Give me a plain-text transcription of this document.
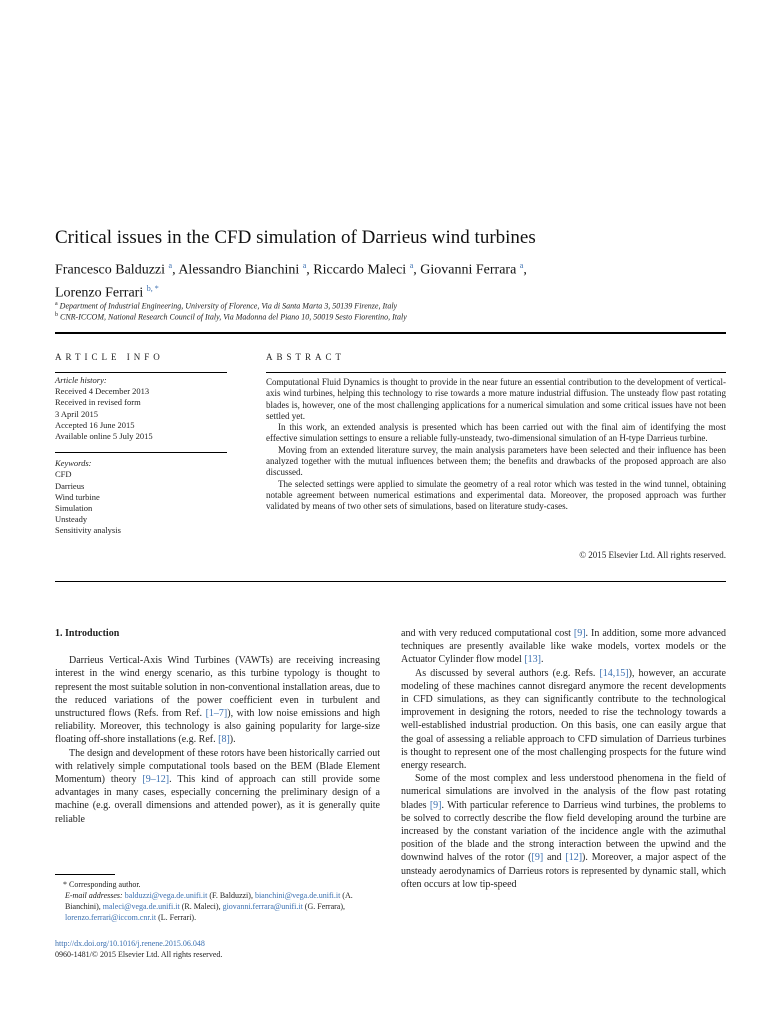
Critical issues in the CFD simulation of Darrieus wind turbines
Francesco Balduzzi $^a$, Alessandro Bianchini $^a$, Riccardo Maleci $^a$, Giovanni Ferrara $^a$,
Lorenzo Ferrari $^{b, *}$
$^a$ Department of Industrial Engineering, University of Florence, Via di Santa Marta 3, 50139 Firenze, Italy
$^b$ CNR-ICCOM, National Research Council of Italy, Via Madonna del Piano 10, 50019 Sesto Fiorentino, Italy
ARTICLE INFO	ABSTRACT
Article history:
Received 4 December 2013
Received in revised form
3 April 2015
Accepted 16 June 2015
Available online 5 July 2015
Keywords:
CFD
Darrieus
Wind turbine
Simulation
Unsteady
Sensitivity analysis

Computational Fluid Dynamics is thought to provide in the near future an essential contribution to the development of vertical-axis wind turbines, helping this technology to rise towards a more mature industrial diffusion. The unsteady flow past rotating blades is, however, one of the most challenging applications for a numerical simulation and some critical issues have not been settled yet.

In this work, an extended analysis is presented which has been carried out with the final aim of identifying the most effective simulation settings to ensure a reliable fully-unsteady, two-dimensional simulation of an H-type Darrieus turbine.

Moving from an extended literature survey, the main analysis parameters have been selected and their influence has been analyzed together with the mutual influences between them; the benefits and drawbacks of the proposed approach are also discussed.

The selected settings were applied to simulate the geometry of a real rotor which was tested in the wind tunnel, obtaining notable agreement between numerical estimations and experimental data. Moreover, the proposed approach was further validated by means of two other sets of simulations, based on literature study-cases.

© 2015 Elsevier Ltd. All rights reserved.

1. Introduction

Darrieus Vertical-Axis Wind Turbines (VAWTs) are receiving increasing interest in the wind energy scenario, as this turbine typology is thought to represent the most suitable solution in non-conventional installation areas, due to the reduced variations of the power coefficient even in turbulent and unstructured flows (Refs. from Ref. [1–7]), with low noise emissions and high reliability. Moreover, this technology is also gaining popularity for large-size floating off-shore installations (e.g. Ref. [8]).

The design and development of these rotors have been historically carried out with relatively simple computational tools based on the BEM (Blade Element Momentum) theory [9–12]. This kind of approach can still provide some advantages in many cases, especially concerning the preliminary design of a machine (e.g. overall dimensions and attended power), as it is generally quite reliable

and with very reduced computational cost [9]. In addition, some more advanced techniques are presently available like wake models, vortex models or the Actuator Cylinder flow model [13].

As discussed by several authors (e.g. Refs. [14,15]), however, an accurate modeling of these machines cannot disregard anymore the recent developments in CFD simulations, as they can significantly contribute to the technological improvement in designing the rotors, needed to rise the technology towards a well-established industrial production. On this basis, one can easily argue that the goal of assessing a reliable approach to CFD simulation of Darrieus turbines is thought to represent one of the most challenging prospects for the future wind energy research.

Some of the most complex and less understood phenomena in the field of numerical simulations are involved in the analysis of the flow past rotating blades [9]. With particular reference to Darrieus wind turbines, the problems to be solved to correctly describe the flow field developing around the turbine are increased by the constant variation of the incidence angle with the azimuthal position of the blade and the strong interaction between the upwind and the downwind halves of the rotor ([9] and [12]). Moreover, a major aspect of the unsteady aerodynamics of Darrieus rotors is represented by dynamic stall, which often occurs at low tip-speed

* Corresponding author.
E-mail addresses: balduzzi@vega.de.unifi.it (F. Balduzzi), bianchini@vega.de.unifi.it (A. Bianchini), maleci@vega.de.unifi.it (R. Maleci), giovanni.ferrara@unifi.it (G. Ferrara), lorenzo.ferrari@iccom.cnr.it (L. Ferrari).
http://dx.doi.org/10.1016/j.renene.2015.06.048
0960-1481/© 2015 Elsevier Ltd. All rights reserved.
